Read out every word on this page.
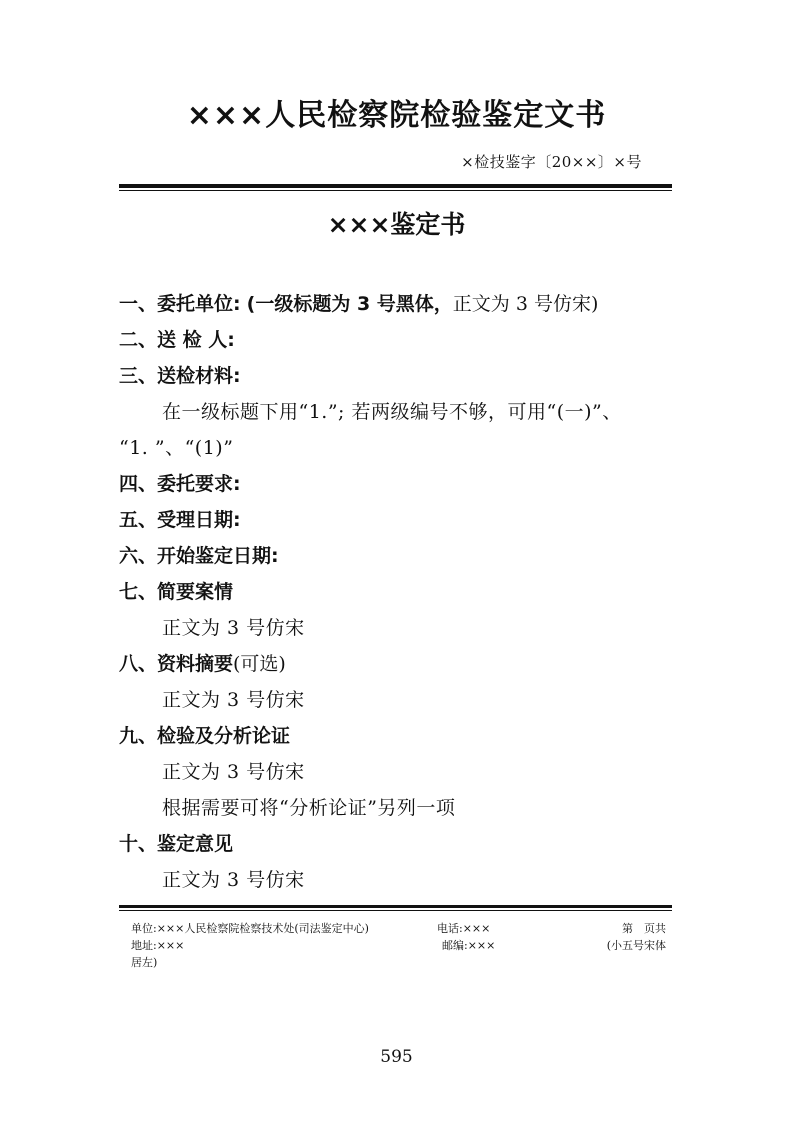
×××人民检察院检验鉴定文书
×检技鉴字〔20××〕×号
×××鉴定书
一、委托单位: (一级标题为 3 号黑体，正文为 3 号仿宋)
二、送 检 人:
三、送检材料:
在一级标题下用“1.”; 若两级编号不够，可用“(一)”、
“1. ”、“(1)”
四、委托要求:
五、受理日期:
六、开始鉴定日期:
七、简要案情
正文为 3 号仿宋
八、资料摘要(可选)
正文为 3 号仿宋
九、检验及分析论证
正文为 3 号仿宋
根据需要可将“分析论证”另列一项
十、鉴定意见
正文为 3 号仿宋
单位:×××人民检察院检察技术处(司法鉴定中心)	电话:×××	第　页共
地址:×××	邮编:×××	(小五号宋体
居左)
595
